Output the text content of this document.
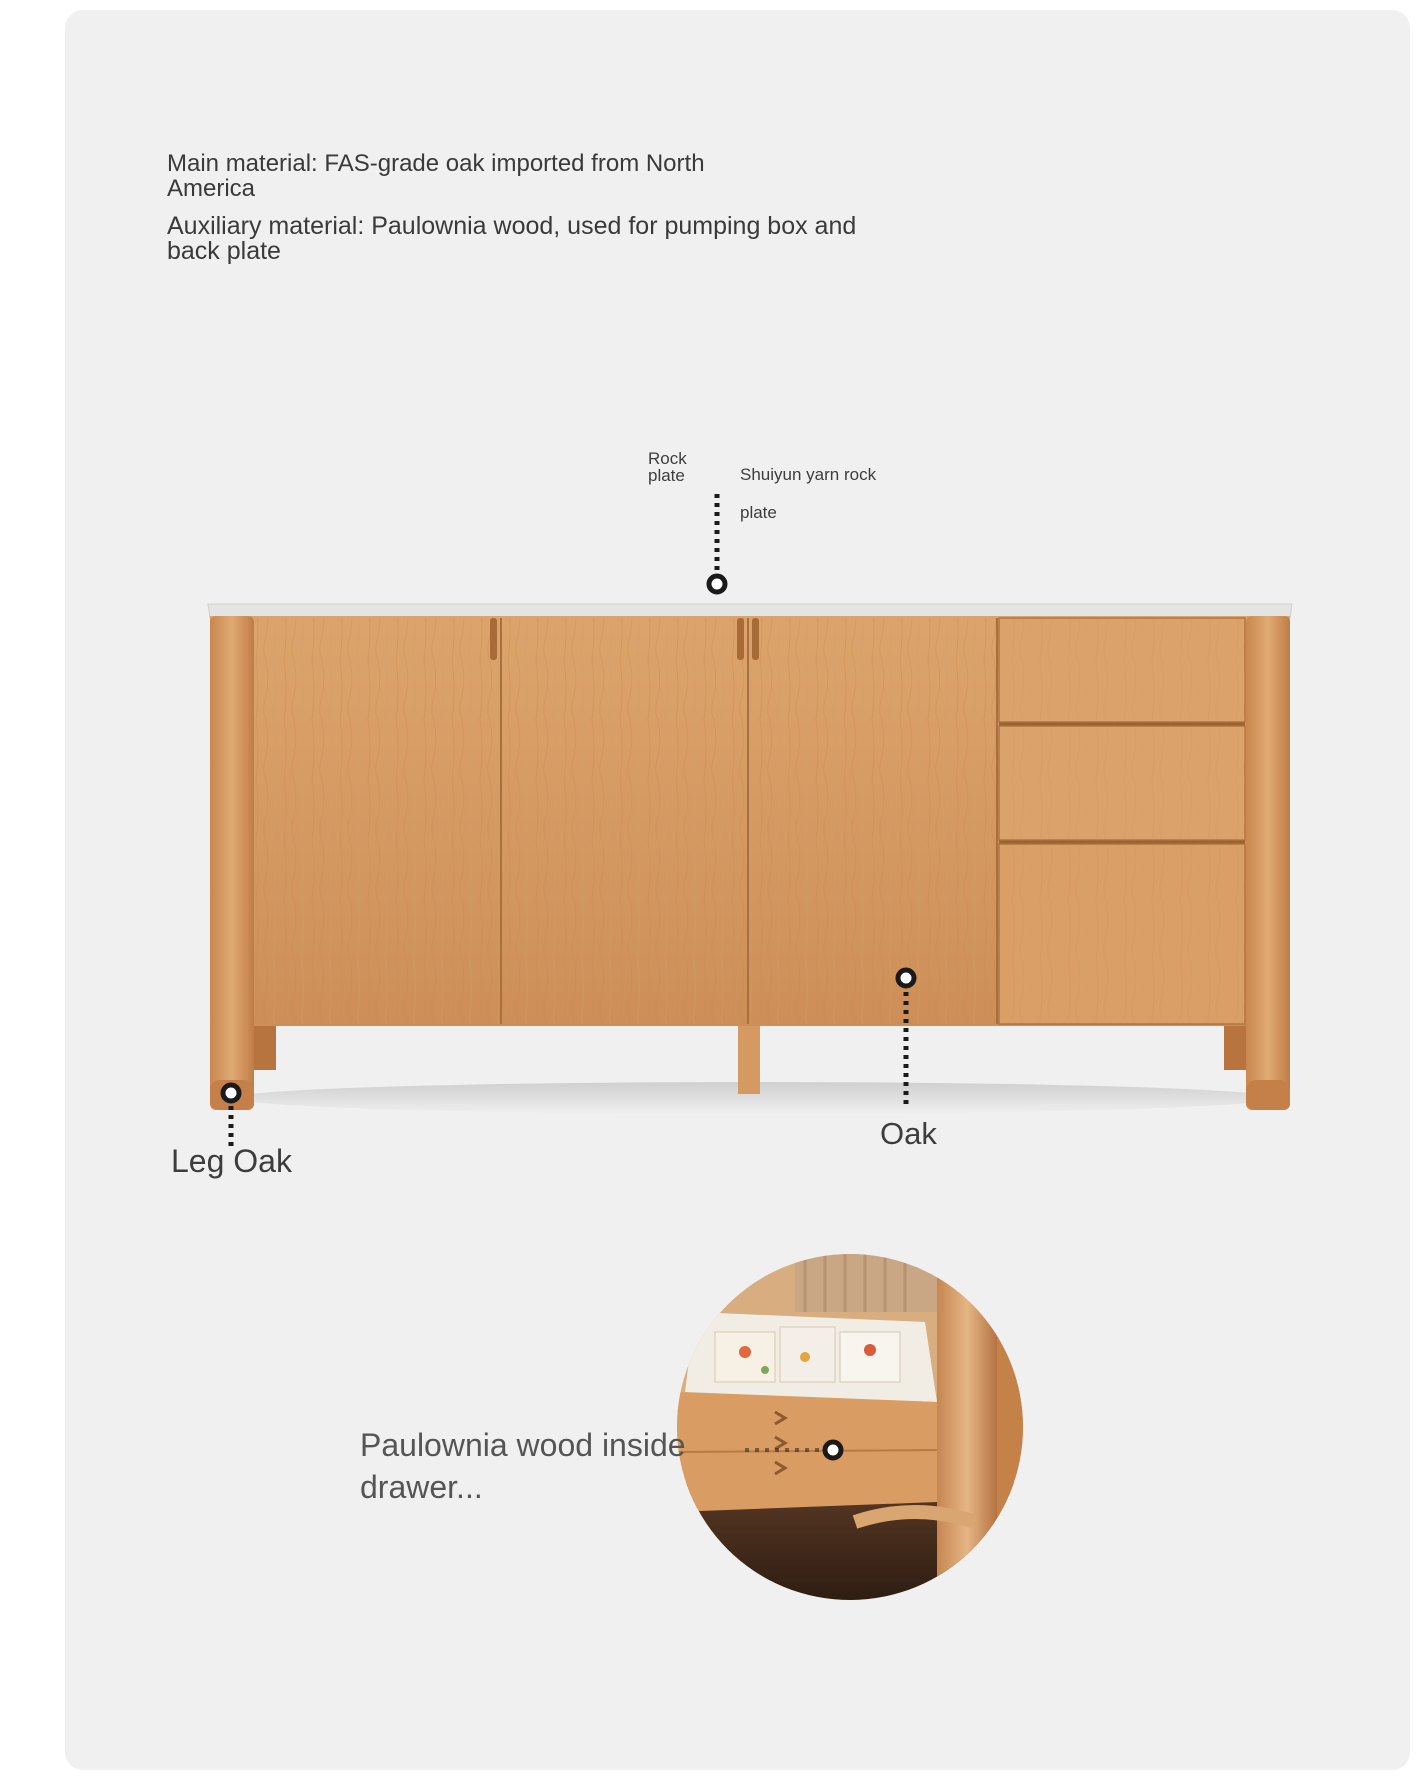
Main material: FAS-grade oak imported from North America
Auxiliary material: Paulownia wood, used for pumping box and back plate
Rock plate	Shuiyun yarn rock plate
Oak
Leg Oak
Paulownia wood inside drawer...
